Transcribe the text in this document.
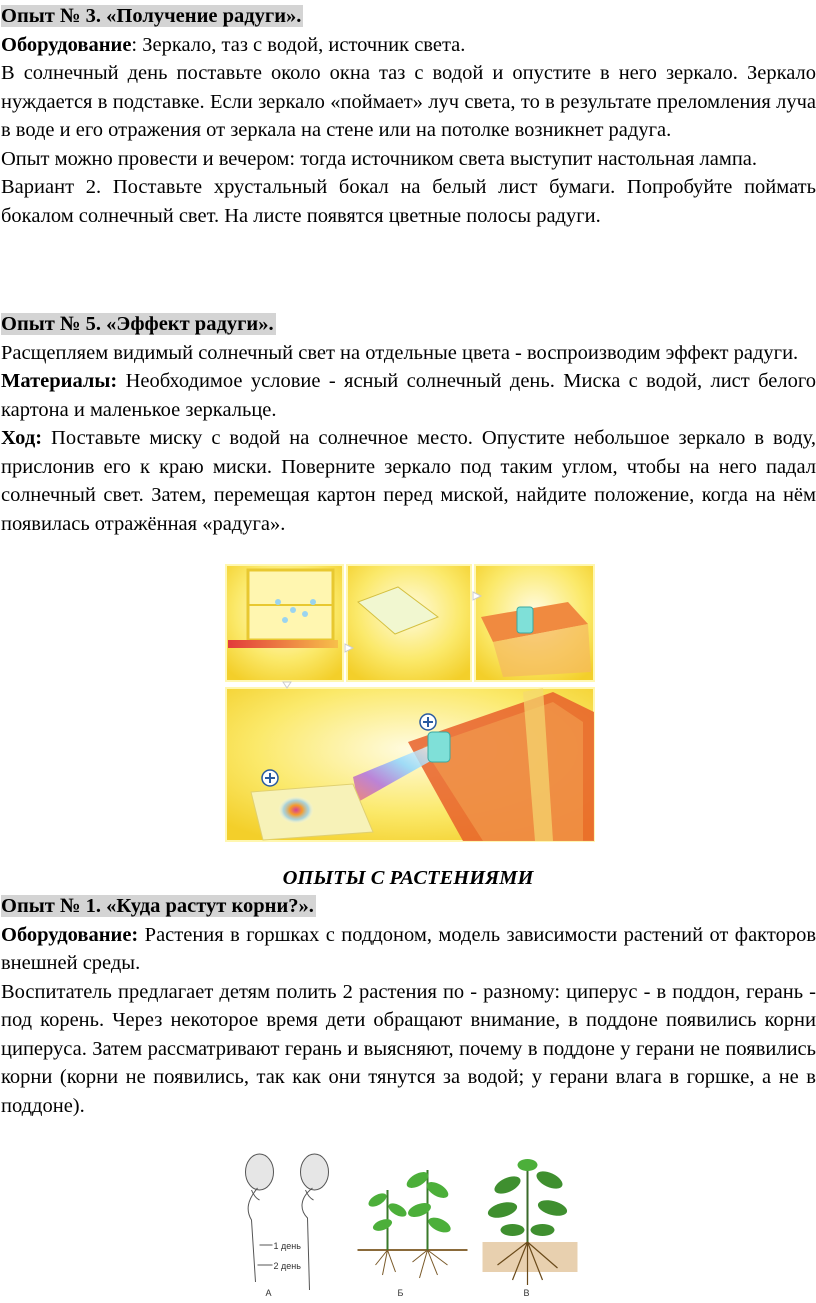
Опыт № 3. «Получение радуги».

Оборудование: Зеркало, таз с водой, источник света.

В солнечный день поставьте около окна таз с водой и опустите в него зеркало. Зеркало нуждается в подставке. Если зеркало «поймает» луч света, то в результате преломления луча в воде и его отражения от зеркала на стене или на потолке возникнет радуга.

Опыт можно провести и вечером: тогда источником света выступит настольная лампа.

Вариант 2. Поставьте хрустальный бокал на белый лист бумаги. Попробуйте поймать бокалом солнечный свет. На листе появятся цветные полосы радуги.

Опыт № 5. «Эффект радуги».

Расщепляем видимый солнечный свет на отдельные цвета - воспроизводим эффект радуги.

Материалы: Необходимое условие - ясный солнечный день. Миска с водой, лист белого картона и маленькое зеркальце.

Ход: Поставьте миску с водой на солнечное место. Опустите небольшое зеркало в воду, прислонив его к краю миски. Поверните зеркало под таким углом, чтобы на него падал солнечный свет. Затем, перемещая картон перед миской, найдите положение, когда на нём появилась отражённая «радуга».

ОПЫТЫ С РАСТЕНИЯМИ

Опыт № 1. «Куда растут корни?».

Оборудование: Растения в горшках с поддоном, модель зависимости растений от факторов внешней среды.

Воспитатель предлагает детям полить 2 растения по - разному: циперус - в поддон, герань - под корень. Через некоторое время дети обращают внимание, в поддоне появились корни циперуса. Затем рассматривают герань и выясняют, почему в поддоне у герани не появились корни (корни не появились, так как они тянутся за водой; у герани влага в горшке, а не в поддоне).

1 день
2 день
А	Б	В
